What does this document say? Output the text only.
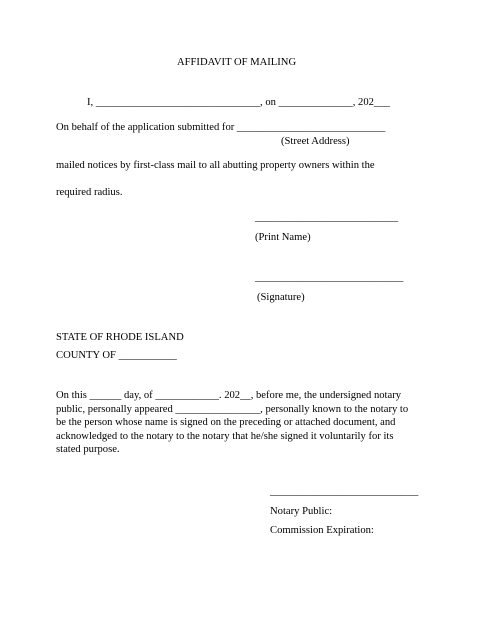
AFFIDAVIT OF MAILING
I, _______________________________, on ______________, 202___
On behalf of the application submitted for ____________________________
(Street Address)
mailed notices by first-class mail to all abutting property owners within the
required radius.
___________________________
(Print Name)
____________________________
(Signature)
STATE OF RHODE ISLAND
COUNTY OF ___________
On this ______ day, of ____________. 202__, before me, the undersigned notary
public, personally appeared ________________, personally known to the notary to
be the person whose name is signed on the preceding or attached document, and
acknowledged to the notary to the notary that he/she signed it voluntarily for its
stated purpose.
____________________________
Notary Public:
Commission Expiration:
